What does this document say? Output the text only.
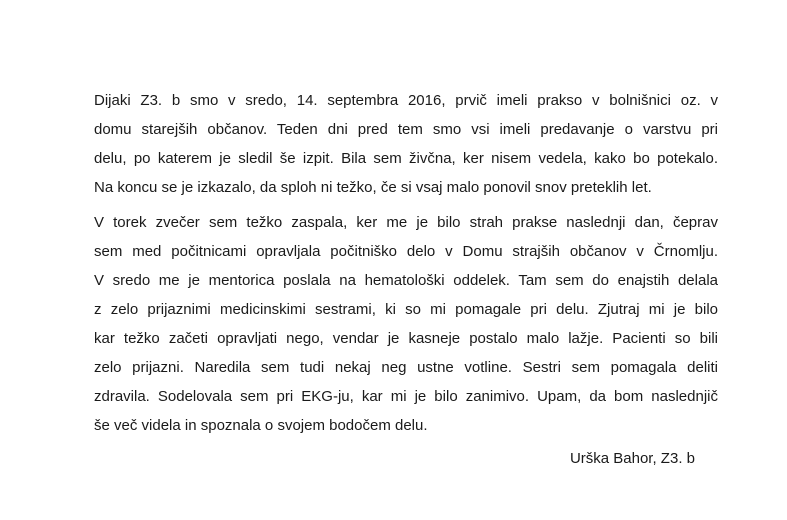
Dijaki Z3. b smo v sredo, 14. septembra 2016, prvič imeli prakso v bolnišnici oz. v
domu starejših občanov. Teden dni pred tem smo vsi imeli predavanje o varstvu pri
delu, po katerem je sledil še izpit. Bila sem živčna, ker nisem vedela, kako bo potekalo.
Na koncu se je izkazalo, da sploh ni težko, če si vsaj malo ponovil snov preteklih let.

V torek zvečer sem težko zaspala, ker me je bilo strah prakse naslednji dan, čeprav
sem med počitnicami opravljala počitniško delo v Domu strajših občanov v Črnomlju.
V sredo me je mentorica poslala na hematološki oddelek. Tam sem do enajstih delala
z zelo prijaznimi medicinskimi sestrami, ki so mi pomagale pri delu. Zjutraj mi je bilo
kar težko začeti opravljati nego, vendar je kasneje postalo malo lažje. Pacienti so bili
zelo prijazni. Naredila sem tudi nekaj neg ustne votline. Sestri sem pomagala deliti
zdravila. Sodelovala sem pri EKG-ju, kar mi je bilo zanimivo. Upam, da bom naslednjič
še več videla in spoznala o svojem bodočem delu.

Urška Bahor, Z3. b
